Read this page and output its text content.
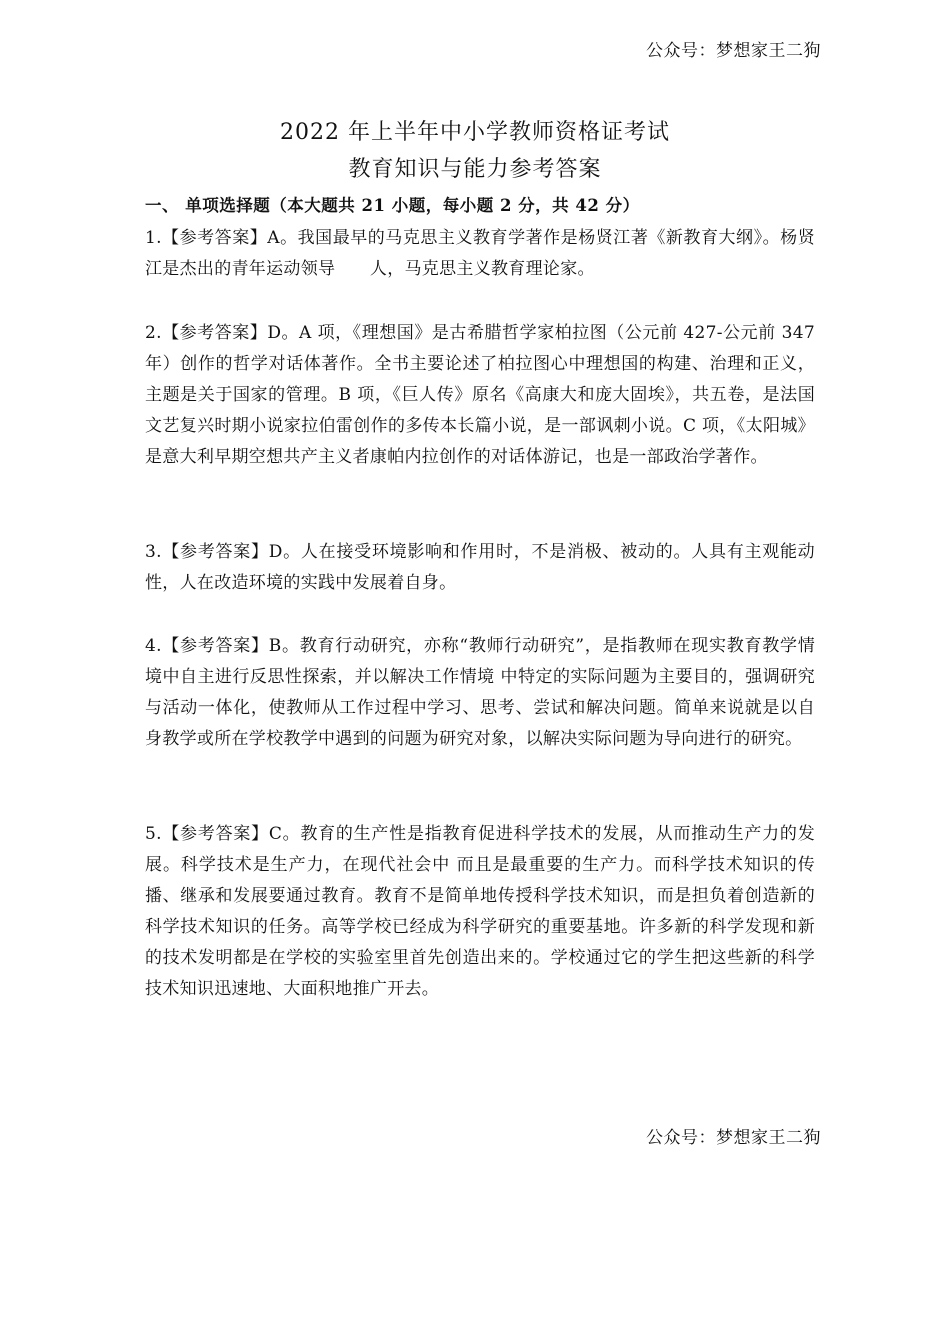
公众号：梦想家王二狗
2022 年上半年中小学教师资格证考试
教育知识与能力参考答案
一、 单项选择题（本大题共 21 小题，每小题 2 分，共 42 分）

1.【参考答案】A。我国最早的马克思主义教育学著作是杨贤江著《新教育大纲》。杨贤江是杰出的青年运动领导　　人，马克思主义教育理论家。

2.【参考答案】D。A 项，《理想国》是古希腊哲学家柏拉图（公元前 427-公元前 347 年）创作的哲学对话体著作。全书主要论述了柏拉图心中理想国的构建、治理和正义，主题是关于国家的管理。B 项，《巨人传》原名《高康大和庞大固埃》，共五卷，是法国文艺复兴时期小说家拉伯雷创作的多传本长篇小说，是一部讽刺小说。C 项，《太阳城》是意大利早期空想共产主义者康帕内拉创作的对话体游记，也是一部政治学著作。

3.【参考答案】D。人在接受环境影响和作用时，不是消极、被动的。人具有主观能动性，人在改造环境的实践中发展着自身。

4.【参考答案】B。教育行动研究，亦称“教师行动研究”，是指教师在现实教育教学情境中自主进行反思性探索，并以解决工作情境 中特定的实际问题为主要目的，强调研究与活动一体化，使教师从工作过程中学习、思考、尝试和解决问题。简单来说就是以自身教学或所在学校教学中遇到的问题为研究对象，以解决实际问题为导向进行的研究。

5.【参考答案】C。教育的生产性是指教育促进科学技术的发展，从而推动生产力的发展。科学技术是生产力，在现代社会中 而且是最重要的生产力。而科学技术知识的传播、继承和发展要通过教育。教育不是简单地传授科学技术知识，而是担负着创造新的科学技术知识的任务。高等学校已经成为科学研究的重要基地。许多新的科学发现和新的技术发明都是在学校的实验室里首先创造出来的。学校通过它的学生把这些新的科学技术知识迅速地、大面积地推广开去。

公众号：梦想家王二狗
